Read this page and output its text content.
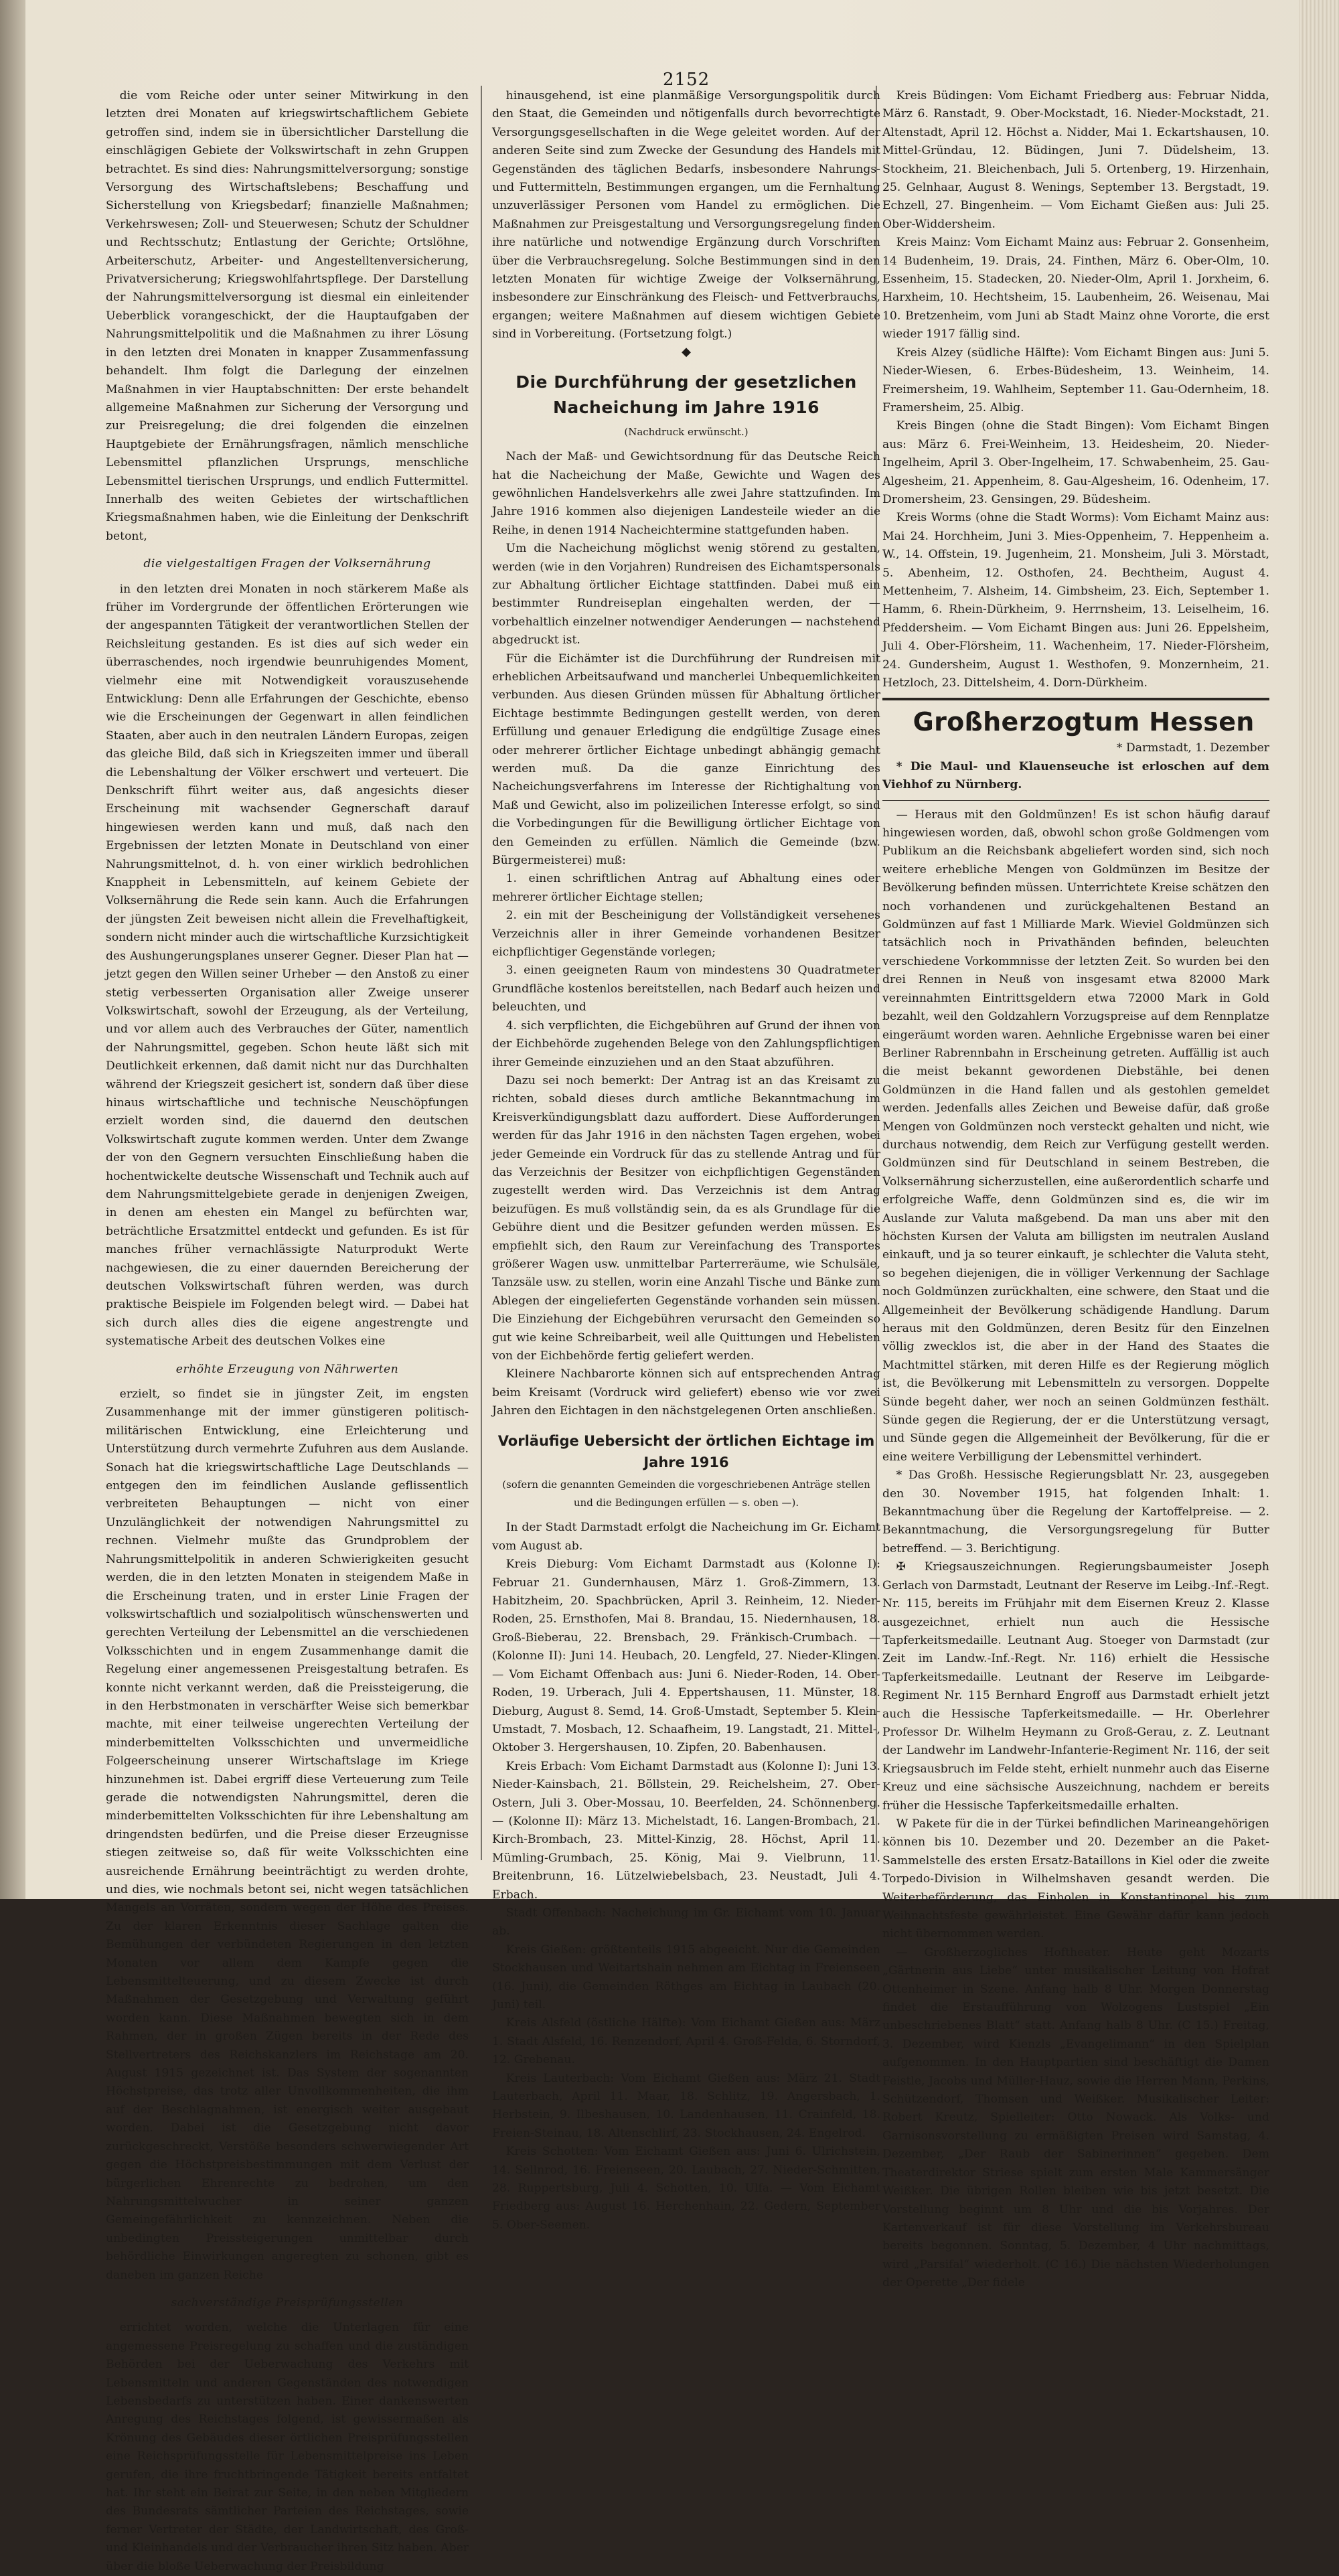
2152

die vom Reiche oder unter seiner Mitwirkung in den letzten drei Monaten auf kriegswirtschaftlichem Gebiete getroffen sind, indem sie in übersichtlicher Darstellung die einschlägigen Gebiete der Volkswirtschaft in zehn Gruppen betrachtet. Es sind dies: Nahrungsmittelversorgung; sonstige Versorgung des Wirtschaftslebens; Beschaffung und Sicherstellung von Kriegsbedarf; finanzielle Maßnahmen; Verkehrswesen; Zoll- und Steuerwesen; Schutz der Schuldner und Rechtsschutz; Entlastung der Gerichte; Ortslöhne, Arbeiterschutz, Arbeiter- und Angestelltenversicherung, Privatversicherung; Kriegswohlfahrtspflege. Der Darstellung der Nahrungsmittelversorgung ist diesmal ein einleitender Ueberblick vorangeschickt, der die Hauptaufgaben der Nahrungsmittelpolitik und die Maßnahmen zu ihrer Lösung in den letzten drei Monaten in knapper Zusammenfassung behandelt. Ihm folgt die Darlegung der einzelnen Maßnahmen in vier Hauptabschnitten: Der erste behandelt allgemeine Maßnahmen zur Sicherung der Versorgung und zur Preisregelung; die drei folgenden die einzelnen Hauptgebiete der Ernährungsfragen, nämlich menschliche Lebensmittel pflanzlichen Ursprungs, menschliche Lebensmittel tierischen Ursprungs, und endlich Futtermittel. Innerhalb des weiten Gebietes der wirtschaftlichen Kriegsmaßnahmen haben, wie die Einleitung der Denkschrift betont,

die vielgestaltigen Fragen der Volksernährung

in den letzten drei Monaten in noch stärkerem Maße als früher im Vordergrunde der öffentlichen Erörterungen wie der angespannten Tätigkeit der verantwortlichen Stellen der Reichsleitung gestanden. Es ist dies auf sich weder ein überraschendes, noch irgendwie beunruhigendes Moment, vielmehr eine mit Notwendigkeit vorauszusehende Entwicklung: Denn alle Erfahrungen der Geschichte, ebenso wie die Erscheinungen der Gegenwart in allen feindlichen Staaten, aber auch in den neutralen Ländern Europas, zeigen das gleiche Bild, daß sich in Kriegszeiten immer und überall die Lebenshaltung der Völker erschwert und verteuert. Die Denkschrift führt weiter aus, daß angesichts dieser Erscheinung mit wachsender Gegnerschaft darauf hingewiesen werden kann und muß, daß nach den Ergebnissen der letzten Monate in Deutschland von einer Nahrungsmittelnot, d. h. von einer wirklich bedrohlichen Knappheit in Lebensmitteln, auf keinem Gebiete der Volksernährung die Rede sein kann. Auch die Erfahrungen der jüngsten Zeit beweisen nicht allein die Frevelhaftigkeit, sondern nicht minder auch die wirtschaftliche Kurzsichtigkeit des Aushungerungsplanes unserer Gegner. Dieser Plan hat — jetzt gegen den Willen seiner Urheber — den Anstoß zu einer stetig verbesserten Organisation aller Zweige unserer Volkswirtschaft, sowohl der Erzeugung, als der Verteilung, und vor allem auch des Verbrauches der Güter, namentlich der Nahrungsmittel, gegeben. Schon heute läßt sich mit Deutlichkeit erkennen, daß damit nicht nur das Durchhalten während der Kriegszeit gesichert ist, sondern daß über diese hinaus wirtschaftliche und technische Neuschöpfungen erzielt worden sind, die dauernd den deutschen Volkswirtschaft zugute kommen werden. Unter dem Zwange der von den Gegnern versuchten Einschließung haben die hochentwickelte deutsche Wissenschaft und Technik auch auf dem Nahrungsmittelgebiete gerade in denjenigen Zweigen, in denen am ehesten ein Mangel zu befürchten war, beträchtliche Ersatzmittel entdeckt und gefunden. Es ist für manches früher vernachlässigte Naturprodukt Werte nachgewiesen, die zu einer dauernden Bereicherung der deutschen Volkswirtschaft führen werden, was durch praktische Beispiele im Folgenden belegt wird. — Dabei hat sich durch alles dies die eigene angestrengte und systematische Arbeit des deutschen Volkes eine

erhöhte Erzeugung von Nährwerten

erzielt, so findet sie in jüngster Zeit, im engsten Zusammenhange mit der immer günstigeren politisch-militärischen Entwicklung, eine Erleichterung und Unterstützung durch vermehrte Zufuhren aus dem Auslande. Sonach hat die kriegswirtschaftliche Lage Deutschlands — entgegen den im feindlichen Auslande geflissentlich verbreiteten Behauptungen — nicht von einer Unzulänglichkeit der notwendigen Nahrungsmittel zu rechnen. Vielmehr mußte das Grundproblem der Nahrungsmittelpolitik in anderen Schwierigkeiten gesucht werden, die in den letzten Monaten in steigendem Maße in die Erscheinung traten, und in erster Linie Fragen der volkswirtschaftlich und sozialpolitisch wünschenswerten und gerechten Verteilung der Lebensmittel an die verschiedenen Volksschichten und in engem Zusammenhange damit die Regelung einer angemessenen Preisgestaltung betrafen. Es konnte nicht verkannt werden, daß die Preissteigerung, die in den Herbstmonaten in verschärfter Weise sich bemerkbar machte, mit einer teilweise ungerechten Verteilung der minderbemittelten Volksschichten und unvermeidliche Folgeerscheinung unserer Wirtschaftslage im Kriege hinzunehmen ist. Dabei ergriff diese Verteuerung zum Teile gerade die notwendigsten Nahrungsmittel, deren die minderbemittelten Volksschichten für ihre Lebenshaltung am dringendsten bedürfen, und die Preise dieser Erzeugnisse stiegen zeitweise so, daß für weite Volksschichten eine ausreichende Ernährung beeinträchtigt zu werden drohte, und dies, wie nochmals betont sei, nicht wegen tatsächlichen Mangels an Vorräten, sondern wegen der Höhe des Preises. Zu der klaren Erkenntnis dieser Sachlage galten die Bemühungen der verbündeten Regierungen in den letzten Monaten vor allem dem Kampfe gegen die Lebensmittelteuerung, und zu diesem Zwecke ist durch Maßnahmen der Gesetzgebung und Verwaltung geführt worden kann. Diese Maßnahmen bewegten sich in dem Rahmen, der in großen Zügen bereits in der Rede des Stellvertreters des Reichskanzlers im Reichstage am 20. August 1915 gezeichnet ist. Das System der sogenannten Höchstpreise, das trotz aller Unvollkommenheiten, die ihm auf der Beschlagnahmen, ist energisch weiter ausgebaut worden. Dabei ist die Gesetzgebung nicht davor zurückgeschreckt, Verstöße besonders schwerwiegender Art gegen die Höchstpreisbestimmungen mit dem Verlust der bürgerlichen Ehrenrechte zu bedrohen, um den Nahrungsmittelwucher in seiner ganzen Gemeingefährlichkeit zu kennzeichnen. Neben die unbedingten Preissteigerungen unmittelbar durch behördliche Einwirkungen angeregten zu schonen, gibt es daneben im ganzen Reiche

sachverständige Preisprüfungsstellen

errichtet worden, welche die Unterlagen für eine angemessene Preisregelung zu schaffen und die zuständigen Behörden bei der Ueberwachung des Verkehrs mit Lebensmitteln und anderen Gegenständen des notwendigen Lebensbedarfs zu unterstützen haben. Einer dankenswerten Anregung des Reichstages folgend, ist gewissermaßen als Krönung des Gebäudes dieser örtlichen Preisprüfungsstellen eine Reichsprüfungsstelle für Lebensmittelpreise ins Leben gerufen, die ihre fruchtbringende Tätigkeit bereits entfaltet hat. Ihr steht ein Beirat zur Seite, in den neben Mitgliedern des Bundesrats sämtlicher Parteien des Reichstages, sowie ferner Vertreter der Städte, der Landwirtschaft, des Groß- und Kleinhandels und der Verbraucher ihren Sitz haben. Aber über die bloße Ueberwachung der Preisbildung

hinausgehend, ist eine planmäßige Versorgungspolitik durch den Staat, die Gemeinden und nötigenfalls durch bevorrechtigte Versorgungsgesellschaften in die Wege geleitet worden. Auf der anderen Seite sind zum Zwecke der Gesundung des Handels mit Gegenständen des täglichen Bedarfs, insbesondere Nahrungs- und Futtermitteln, Bestimmungen ergangen, um die Fernhaltung unzuverlässiger Personen vom Handel zu ermöglichen. Die Maßnahmen zur Preisgestaltung und Versorgungsregelung finden ihre natürliche und notwendige Ergänzung durch Vorschriften über die Verbrauchsregelung. Solche Bestimmungen sind in den letzten Monaten für wichtige Zweige der Volksernährung, insbesondere zur Einschränkung des Fleisch- und Fettverbrauchs, ergangen; weitere Maßnahmen auf diesem wichtigen Gebiete sind in Vorbereitung. (Fortsetzung folgt.)

◆

Die Durchführung der gesetzlichen Nacheichung im Jahre 1916

(Nachdruck erwünscht.)

Nach der Maß- und Gewichtsordnung für das Deutsche Reich hat die Nacheichung der Maße, Gewichte und Wagen des gewöhnlichen Handelsverkehrs alle zwei Jahre stattzufinden. Im Jahre 1916 kommen also diejenigen Landesteile wieder an die Reihe, in denen 1914 Nacheichtermine stattgefunden haben.

Um die Nacheichung möglichst wenig störend zu gestalten, werden (wie in den Vorjahren) Rundreisen des Eichamtspersonals zur Abhaltung örtlicher Eichtage stattfinden. Dabei muß ein bestimmter Rundreiseplan eingehalten werden, der — vorbehaltlich einzelner notwendiger Aenderungen — nachstehend abgedruckt ist.

Für die Eichämter ist die Durchführung der Rundreisen mit erheblichen Arbeitsaufwand und mancherlei Unbequemlichkeiten verbunden. Aus diesen Gründen müssen für Abhaltung örtlicher Eichtage bestimmte Bedingungen gestellt werden, von deren Erfüllung und genauer Erledigung die endgültige Zusage eines oder mehrerer örtlicher Eichtage unbedingt abhängig gemacht werden muß. Da die ganze Einrichtung des Nacheichungsverfahrens im Interesse der Richtighaltung von Maß und Gewicht, also im polizeilichen Interesse erfolgt, so sind die Vorbedingungen für die Bewilligung örtlicher Eichtage von den Gemeinden zu erfüllen. Nämlich die Gemeinde (bzw. Bürgermeisterei) muß:

1. einen schriftlichen Antrag auf Abhaltung eines oder mehrerer örtlicher Eichtage stellen;

2. ein mit der Bescheinigung der Vollständigkeit versehenes Verzeichnis aller in ihrer Gemeinde vorhandenen Besitzer eichpflichtiger Gegenstände vorlegen;

3. einen geeigneten Raum von mindestens 30 Quadratmeter Grundfläche kostenlos bereitstellen, nach Bedarf auch heizen und beleuchten, und

4. sich verpflichten, die Eichgebühren auf Grund der ihnen von der Eichbehörde zugehenden Belege von den Zahlungspflichtigen ihrer Gemeinde einzuziehen und an den Staat abzuführen.

Dazu sei noch bemerkt: Der Antrag ist an das Kreisamt zu richten, sobald dieses durch amtliche Bekanntmachung im Kreisverkündigungsblatt dazu auffordert. Diese Aufforderungen werden für das Jahr 1916 in den nächsten Tagen ergehen, wobei jeder Gemeinde ein Vordruck für das zu stellende Antrag und für das Verzeichnis der Besitzer von eichpflichtigen Gegenständen zugestellt werden wird. Das Verzeichnis ist dem Antrag beizufügen. Es muß vollständig sein, da es als Grundlage für die Gebühre dient und die Besitzer gefunden werden müssen. Es empfiehlt sich, den Raum zur Vereinfachung des Transportes größerer Wagen usw. unmittelbar Parterreräume, wie Schulsäle, Tanzsäle usw. zu stellen, worin eine Anzahl Tische und Bänke zum Ablegen der eingelieferten Gegenstände vorhanden sein müssen. Die Einziehung der Eichgebühren verursacht den Gemeinden so gut wie keine Schreibarbeit, weil alle Quittungen und Hebelisten von der Eichbehörde fertig geliefert werden.

Kleinere Nachbarorte können sich auf entsprechenden Antrag beim Kreisamt (Vordruck wird geliefert) ebenso wie vor zwei Jahren den Eichtagen in den nächstgelegenen Orten anschließen.

Vorläufige Uebersicht der örtlichen Eichtage im Jahre 1916

(sofern die genannten Gemeinden die vorgeschriebenen Anträge stellen und die Bedingungen erfüllen — s. oben —).

In der Stadt Darmstadt erfolgt die Nacheichung im Gr. Eichamt vom August ab.

Kreis Dieburg: Vom Eichamt Darmstadt aus (Kolonne I): Februar 21. Gundernhausen, März 1. Groß-Zimmern, 13. Habitzheim, 20. Spachbrücken, April 3. Reinheim, 12. Nieder-Roden, 25. Ernsthofen, Mai 8. Brandau, 15. Niedernhausen, 18. Groß-Bieberau, 22. Brensbach, 29. Fränkisch-Crumbach. — (Kolonne II): Juni 14. Heubach, 20. Lengfeld, 27. Nieder-Klingen. — Vom Eichamt Offenbach aus: Juni 6. Nieder-Roden, 14. Ober-Roden, 19. Urberach, Juli 4. Eppertshausen, 11. Münster, 18. Dieburg, August 8. Semd, 14. Groß-Umstadt, September 5. Klein-Umstadt, 7. Mosbach, 12. Schaafheim, 19. Langstadt, 21. Mittel-, Oktober 3. Hergershausen, 10. Zipfen, 20. Babenhausen.

Kreis Erbach: Vom Eichamt Darmstadt aus (Kolonne I): Juni 13. Nieder-Kainsbach, 21. Böllstein, 29. Reichelsheim, 27. Ober-Ostern, Juli 3. Ober-Mossau, 10. Beerfelden, 24. Schönnenberg. — (Kolonne II): März 13. Michelstadt, 16. Langen-Brombach, 21. Kirch-Brombach, 23. Mittel-Kinzig, 28. Höchst, April 11. Mümling-Grumbach, 25. König, Mai 9. Vielbrunn, 11. Breitenbrunn, 16. Lützelwiebelsbach, 23. Neustadt, Juli 4. Erbach.

Stadt Offenbach: Nacheichung im Gr. Eichamt vom 10. Januar ab.

Kreis Gießen: größtenteils 1915 abgeeicht. Nur die Gemeinden Stockhausen und Weitartshain nehmen am Eichtag in Freienseen (16. Juni), die Gemeinden Röthges am Eichtag in Laubach (20. Juni) teil.

Kreis Alsfeld (östliche Hälfte): Vom Eichamt Gießen aus: März 1. Stadt Alsfeld, 16. Renzendorf, April 4. Groß-Felda, 6. Storndorf, 12. Grebenau.

Kreis Lauterbach: Vom Eichamt Gießen aus: März 21. Stadt Lauterbach, April 11. Maar, 18. Schlitz, 19. Angersbach, 1. Herbstein, 9. Ilbeshausen, 10. Landenhausen, 11. Crainfeld, 18. Freien-Steinau, 18. Altenschlirf, 23. Stockhausen, 24. Engelrod.

Kreis Schotten: Vom Eichamt Gießen aus: Juni 6. Ulrichstein, 14. Sellnrod, 16. Freienseen, 20. Laubach, 27. Nieder-Schmitten, 28. Ruppertsburg, Juli 4. Schotten, 10. Ulfa. — Vom Eichamt Friedberg aus: August 16. Herchenhain, 22. Gedern, September 5. Ober-Seemen.

Kreis Büdingen: Vom Eichamt Friedberg aus: Februar Nidda, März 6. Ranstadt, 9. Ober-Mockstadt, 16. Nieder-Mockstadt, 21. Altenstadt, April 12. Höchst a. Nidder, Mai 1. Eckartshausen, 10. Mittel-Gründau, 12. Büdingen, Juni 7. Düdelsheim, 13. Stockheim, 21. Bleichenbach, Juli 5. Ortenberg, 19. Hirzenhain, 25. Gelnhaar, August 8. Wenings, September 13. Bergstadt, 19. Echzell, 27. Bingenheim. — Vom Eichamt Gießen aus: Juli 25. Ober-Widdersheim.

Kreis Mainz: Vom Eichamt Mainz aus: Februar 2. Gonsenheim, 14 Budenheim, 19. Drais, 24. Finthen, März 6. Ober-Olm, 10. Essenheim, 15. Stadecken, 20. Nieder-Olm, April 1. Jorxheim, 6. Harxheim, 10. Hechtsheim, 15. Laubenheim, 26. Weisenau, Mai 10. Bretzenheim, vom Juni ab Stadt Mainz ohne Vororte, die erst wieder 1917 fällig sind.

Kreis Alzey (südliche Hälfte): Vom Eichamt Bingen aus: Juni 5. Nieder-Wiesen, 6. Erbes-Büdesheim, 13. Weinheim, 14. Freimersheim, 19. Wahlheim, September 11. Gau-Odernheim, 18. Framersheim, 25. Albig.

Kreis Bingen (ohne die Stadt Bingen): Vom Eichamt Bingen aus: März 6. Frei-Weinheim, 13. Heidesheim, 20. Nieder-Ingelheim, April 3. Ober-Ingelheim, 17. Schwabenheim, 25. Gau-Algesheim, 21. Appenheim, 8. Gau-Algesheim, 16. Odenheim, 17. Dromersheim, 23. Gensingen, 29. Büdesheim.

Kreis Worms (ohne die Stadt Worms): Vom Eichamt Mainz aus: Mai 24. Horchheim, Juni 3. Mies-Oppenheim, 7. Heppenheim a. W., 14. Offstein, 19. Jugenheim, 21. Monsheim, Juli 3. Mörstadt, 5. Abenheim, 12. Osthofen, 24. Bechtheim, August 4. Mettenheim, 7. Alsheim, 14. Gimbsheim, 23. Eich, September 1. Hamm, 6. Rhein-Dürkheim, 9. Herrnsheim, 13. Leiselheim, 16. Pfeddersheim. — Vom Eichamt Bingen aus: Juni 26. Eppelsheim, Juli 4. Ober-Flörsheim, 11. Wachenheim, 17. Nieder-Flörsheim, 24. Gundersheim, August 1. Westhofen, 9. Monzernheim, 21. Hetzloch, 23. Dittelsheim, 4. Dorn-Dürkheim.

Großherzogtum Hessen

* Darmstadt, 1. Dezember

* Die Maul- und Klauenseuche ist erloschen auf dem Viehhof zu Nürnberg.

— Heraus mit den Goldmünzen! Es ist schon häufig darauf hingewiesen worden, daß, obwohl schon große Goldmengen vom Publikum an die Reichsbank abgeliefert worden sind, sich noch weitere erhebliche Mengen von Goldmünzen im Besitze der Bevölkerung befinden müssen. Unterrichtete Kreise schätzen den noch vorhandenen und zurückgehaltenen Bestand an Goldmünzen auf fast 1 Milliarde Mark. Wieviel Goldmünzen sich tatsächlich noch in Privathänden befinden, beleuchten verschiedene Vorkommnisse der letzten Zeit. So wurden bei den drei Rennen in Neuß von insgesamt etwa 82000 Mark vereinnahmten Eintrittsgeldern etwa 72000 Mark in Gold bezahlt, weil den Goldzahlern Vorzugspreise auf dem Rennplatze eingeräumt worden waren. Aehnliche Ergebnisse waren bei einer Berliner Rabrennbahn in Erscheinung getreten. Auffällig ist auch die meist bekannt gewordenen Diebstähle, bei denen Goldmünzen in die Hand fallen und als gestohlen gemeldet werden. Jedenfalls alles Zeichen und Beweise dafür, daß große Mengen von Goldmünzen noch versteckt gehalten und nicht, wie durchaus notwendig, dem Reich zur Verfügung gestellt werden. Goldmünzen sind für Deutschland in seinem Bestreben, die Volksernährung sicherzustellen, eine außerordentlich scharfe und erfolgreiche Waffe, denn Goldmünzen sind es, die wir im Auslande zur Valuta maßgebend. Da man uns aber mit den höchsten Kursen der Valuta am billigsten im neutralen Ausland einkauft, und ja so teurer einkauft, je schlechter die Valuta steht, so begehen diejenigen, die in völliger Verkennung der Sachlage noch Goldmünzen zurückhalten, eine schwere, den Staat und die Allgemeinheit der Bevölkerung schädigende Handlung. Darum heraus mit den Goldmünzen, deren Besitz für den Einzelnen völlig zwecklos ist, die aber in der Hand des Staates die Machtmittel stärken, mit deren Hilfe es der Regierung möglich ist, die Bevölkerung mit Lebensmitteln zu versorgen. Doppelte Sünde begeht daher, wer noch an seinen Goldmünzen festhält. Sünde gegen die Regierung, der er die Unterstützung versagt, und Sünde gegen die Allgemeinheit der Bevölkerung, für die er eine weitere Verbilligung der Lebensmittel verhindert.

* Das Großh. Hessische Regierungsblatt Nr. 23, ausgegeben den 30. November 1915, hat folgenden Inhalt: 1. Bekanntmachung über die Regelung der Kartoffelpreise. — 2. Bekanntmachung, die Versorgungsregelung für Butter betreffend. — 3. Berichtigung.

✠ Kriegsauszeichnungen. Regierungsbaumeister Joseph Gerlach von Darmstadt, Leutnant der Reserve im Leibg.-Inf.-Regt. Nr. 115, bereits im Frühjahr mit dem Eisernen Kreuz 2. Klasse ausgezeichnet, erhielt nun auch die Hessische Tapferkeitsmedaille. Leutnant Aug. Stoeger von Darmstadt (zur Zeit im Landw.-Inf.-Regt. Nr. 116) erhielt die Hessische Tapferkeitsmedaille. Leutnant der Reserve im Leibgarde-Regiment Nr. 115 Bernhard Engroff aus Darmstadt erhielt jetzt auch die Hessische Tapferkeitsmedaille. — Hr. Oberlehrer Professor Dr. Wilhelm Heymann zu Groß-Gerau, z. Z. Leutnant der Landwehr im Landwehr-Infanterie-Regiment Nr. 116, der seit Kriegsausbruch im Felde steht, erhielt nunmehr auch das Eiserne Kreuz und eine sächsische Auszeichnung, nachdem er bereits früher die Hessische Tapferkeitsmedaille erhalten.

W Pakete für die in der Türkei befindlichen Marineangehörigen können bis 10. Dezember und 20. Dezember an die Paket-Sammelstelle des ersten Ersatz-Bataillons in Kiel oder die zweite Torpedo-Division in Wilhelmshaven gesandt werden. Die Weiterbeförderung, das Einholen in Konstantinopel bis zum Weihnachtsfeste gewährleistet. Eine Gewähr dafür kann jedoch nicht übernommen werden.

— Großherzogliches Hoftheater. Heute geht Mozarts „Gärtnerin aus Liebe“ unter musikalischer Leitung von Hofrat Ottenheimer in Szene. Anfang halb 8 Uhr. Morgen Donnerstag findet die Erstaufführung von Wolzogens Lustspiel „Ein unbeschriebenes Blatt“ statt. Anfang halb 8 Uhr. (C 15.) Freitag, 3. Dezember, wird Kienzls „Evangelimann“ in den Spielplan aufgenommen. In den Hauptpartien sind beschäftigt die Damen Feistle, Jacobs und Müller-Hauz, sowie die Herren Mann, Perkins, Schützendorf, Thomsen und Weißker. Musikalischer Leiter: Robert Kreutz, Spielleiter: Otto Nowack. Als Volks- und Garnisonsvorstellung zu ermäßigten Preisen wird Samstag, 4. Dezember, „Der Raub der Sabinerinnen“ gegeben. Dem Theaterdirektor Striese spielt zum ersten Male Kammersänger Weißker. Die übrigen Rollen bleiben wie bis jetzt besetzt. Die Vorstellung beginnt um 8 Uhr und die bis Vorjahres. Der Kartenverkauf ist für diese Vorstellung im Verkehrsbureau bereits begonnen. Sonntag, 5. Dezember, 4 Uhr nachmittags, wird „Parsifal“ wiederholt. (C 16.) Die nächsten Wiederholungen der Operette „Der fidele
